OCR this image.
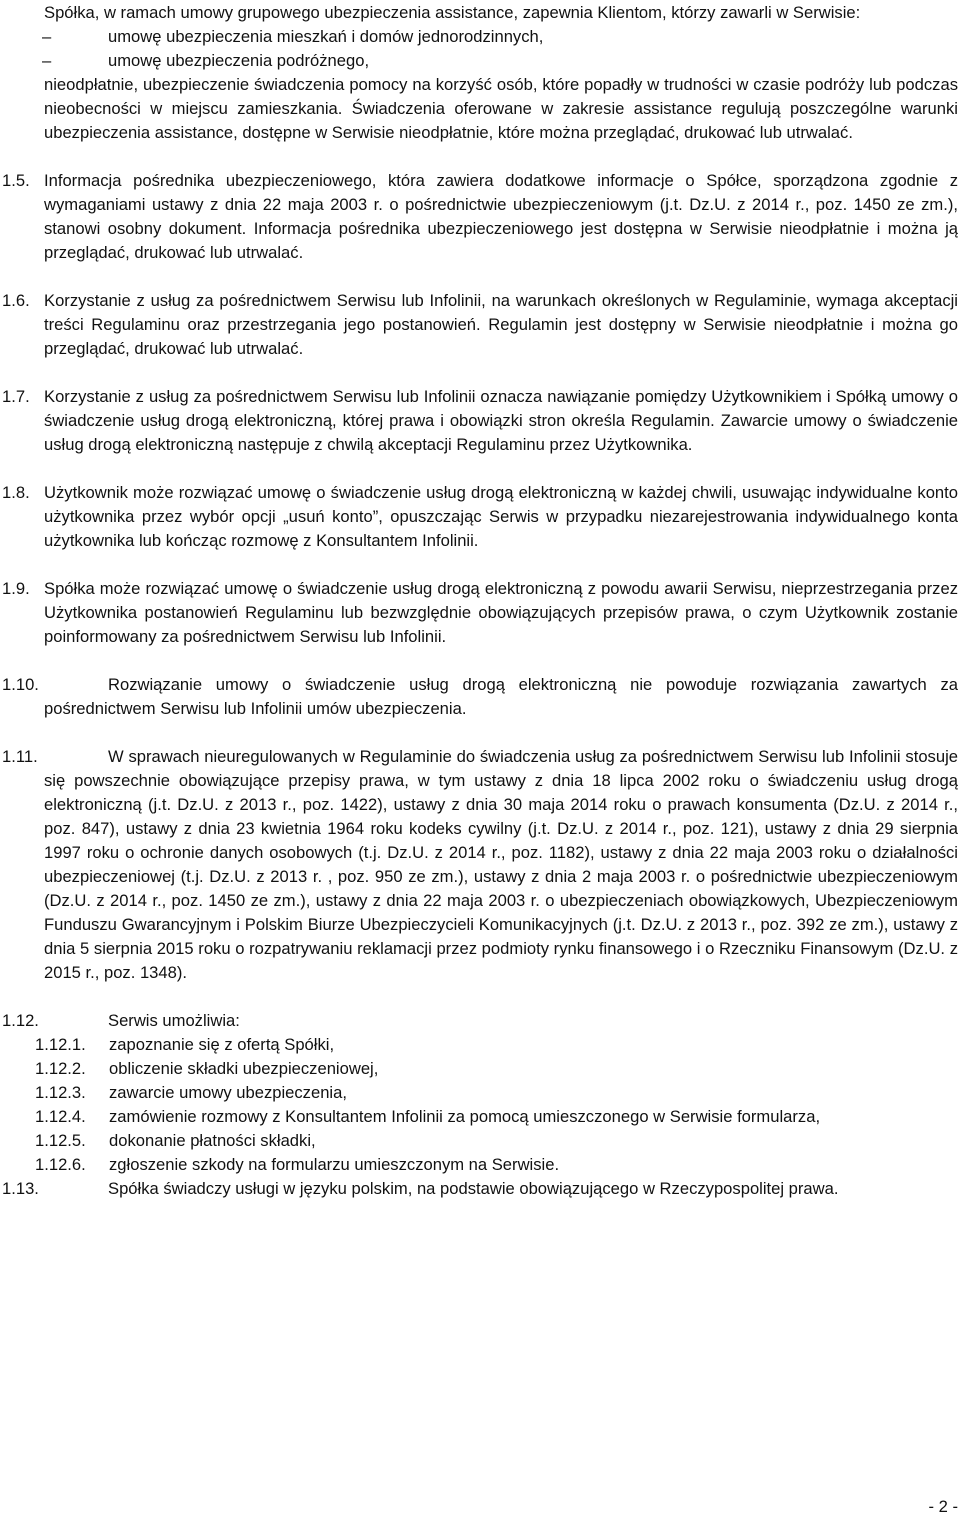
Spółka, w ramach umowy grupowego ubezpieczenia assistance, zapewnia Klientom, którzy zawarli w Serwisie:

–	umowę ubezpieczenia mieszkań i domów jednorodzinnych,
–	umowę ubezpieczenia podróżnego,

nieodpłatnie, ubezpieczenie świadczenia pomocy na korzyść osób, które popadły w trudności w czasie podróży lub podczas nieobecności w miejscu zamieszkania. Świadczenia oferowane w zakresie assistance regulują poszczególne warunki ubezpieczenia assistance, dostępne w Serwisie nieodpłatnie, które można przeglądać, drukować lub utrwalać.

1.5. Informacja pośrednika ubezpieczeniowego, która zawiera dodatkowe informacje o Spółce, sporządzona zgodnie z wymaganiami ustawy z dnia 22 maja 2003 r. o pośrednictwie ubezpieczeniowym (j.t. Dz.U. z 2014 r., poz. 1450 ze zm.), stanowi osobny dokument. Informacja pośrednika ubezpieczeniowego jest dostępna w Serwisie nieodpłatnie i można ją przeglądać, drukować lub utrwalać.

1.6. Korzystanie z usług za pośrednictwem Serwisu lub Infolinii, na warunkach określonych w Regulaminie, wymaga akceptacji treści Regulaminu oraz przestrzegania jego postanowień. Regulamin jest dostępny w Serwisie nieodpłatnie i można go przeglądać, drukować lub utrwalać.

1.7. Korzystanie z usług za pośrednictwem Serwisu lub Infolinii oznacza nawiązanie pomiędzy Użytkownikiem i Spółką umowy o świadczenie usług drogą elektroniczną, której prawa i obowiązki stron określa Regulamin. Zawarcie umowy o świadczenie usług drogą elektroniczną następuje z chwilą akceptacji Regulaminu przez Użytkownika.

1.8. Użytkownik może rozwiązać umowę o świadczenie usług drogą elektroniczną w każdej chwili, usuwając indywidualne konto użytkownika przez wybór opcji „usuń konto”, opuszczając Serwis w przypadku niezarejestrowania indywidualnego konta użytkownika lub kończąc rozmowę z Konsultantem Infolinii.

1.9. Spółka może rozwiązać umowę o świadczenie usług drogą elektroniczną z powodu awarii Serwisu, nieprzestrzegania przez Użytkownika postanowień Regulaminu lub bezwzględnie obowiązujących przepisów prawa, o czym Użytkownik zostanie poinformowany za pośrednictwem Serwisu lub Infolinii.

1.10.	Rozwiązanie umowy o świadczenie usług drogą elektroniczną nie powoduje rozwiązania zawartych za pośrednictwem Serwisu lub Infolinii umów ubezpieczenia.

1.11.	W sprawach nieuregulowanych w Regulaminie do świadczenia usług za pośrednictwem Serwisu lub Infolinii stosuje się powszechnie obowiązujące przepisy prawa, w tym ustawy z dnia 18 lipca 2002 roku o świadczeniu usług drogą elektroniczną (j.t. Dz.U. z 2013 r., poz. 1422), ustawy z dnia 30 maja 2014 roku o prawach konsumenta (Dz.U. z 2014 r., poz. 847), ustawy z dnia 23 kwietnia 1964 roku kodeks cywilny (j.t. Dz.U. z 2014 r., poz. 121), ustawy z dnia 29 sierpnia 1997 roku o ochronie danych osobowych (t.j. Dz.U. z 2014 r., poz. 1182), ustawy z dnia 22 maja 2003 roku o działalności ubezpieczeniowej (t.j. Dz.U. z 2013 r. , poz. 950 ze zm.), ustawy z dnia 2 maja 2003 r. o pośrednictwie ubezpieczeniowym (Dz.U. z 2014 r., poz. 1450 ze zm.), ustawy z dnia 22 maja 2003 r. o ubezpieczeniach obowiązkowych, Ubezpieczeniowym Funduszu Gwarancyjnym i Polskim Biurze Ubezpieczycieli Komunikacyjnych (j.t. Dz.U. z 2013 r., poz. 392 ze zm.), ustawy z dnia 5 sierpnia 2015 roku o rozpatrywaniu reklamacji przez podmioty rynku finansowego i o Rzeczniku Finansowym (Dz.U. z 2015 r., poz. 1348).

1.12.	Serwis umożliwia:

1.12.1.	zapoznanie się z ofertą Spółki,
1.12.2.	obliczenie składki ubezpieczeniowej,
1.12.3.	zawarcie umowy ubezpieczenia,
1.12.4.	zamówienie rozmowy z Konsultantem Infolinii za pomocą umieszczonego w Serwisie formularza,
1.12.5.	dokonanie płatności składki,
1.12.6.	zgłoszenie szkody na formularzu umieszczonym na Serwisie.
1.13.	Spółka świadczy usługi w języku polskim, na podstawie obowiązującego w Rzeczypospolitej prawa.

- 2 -
